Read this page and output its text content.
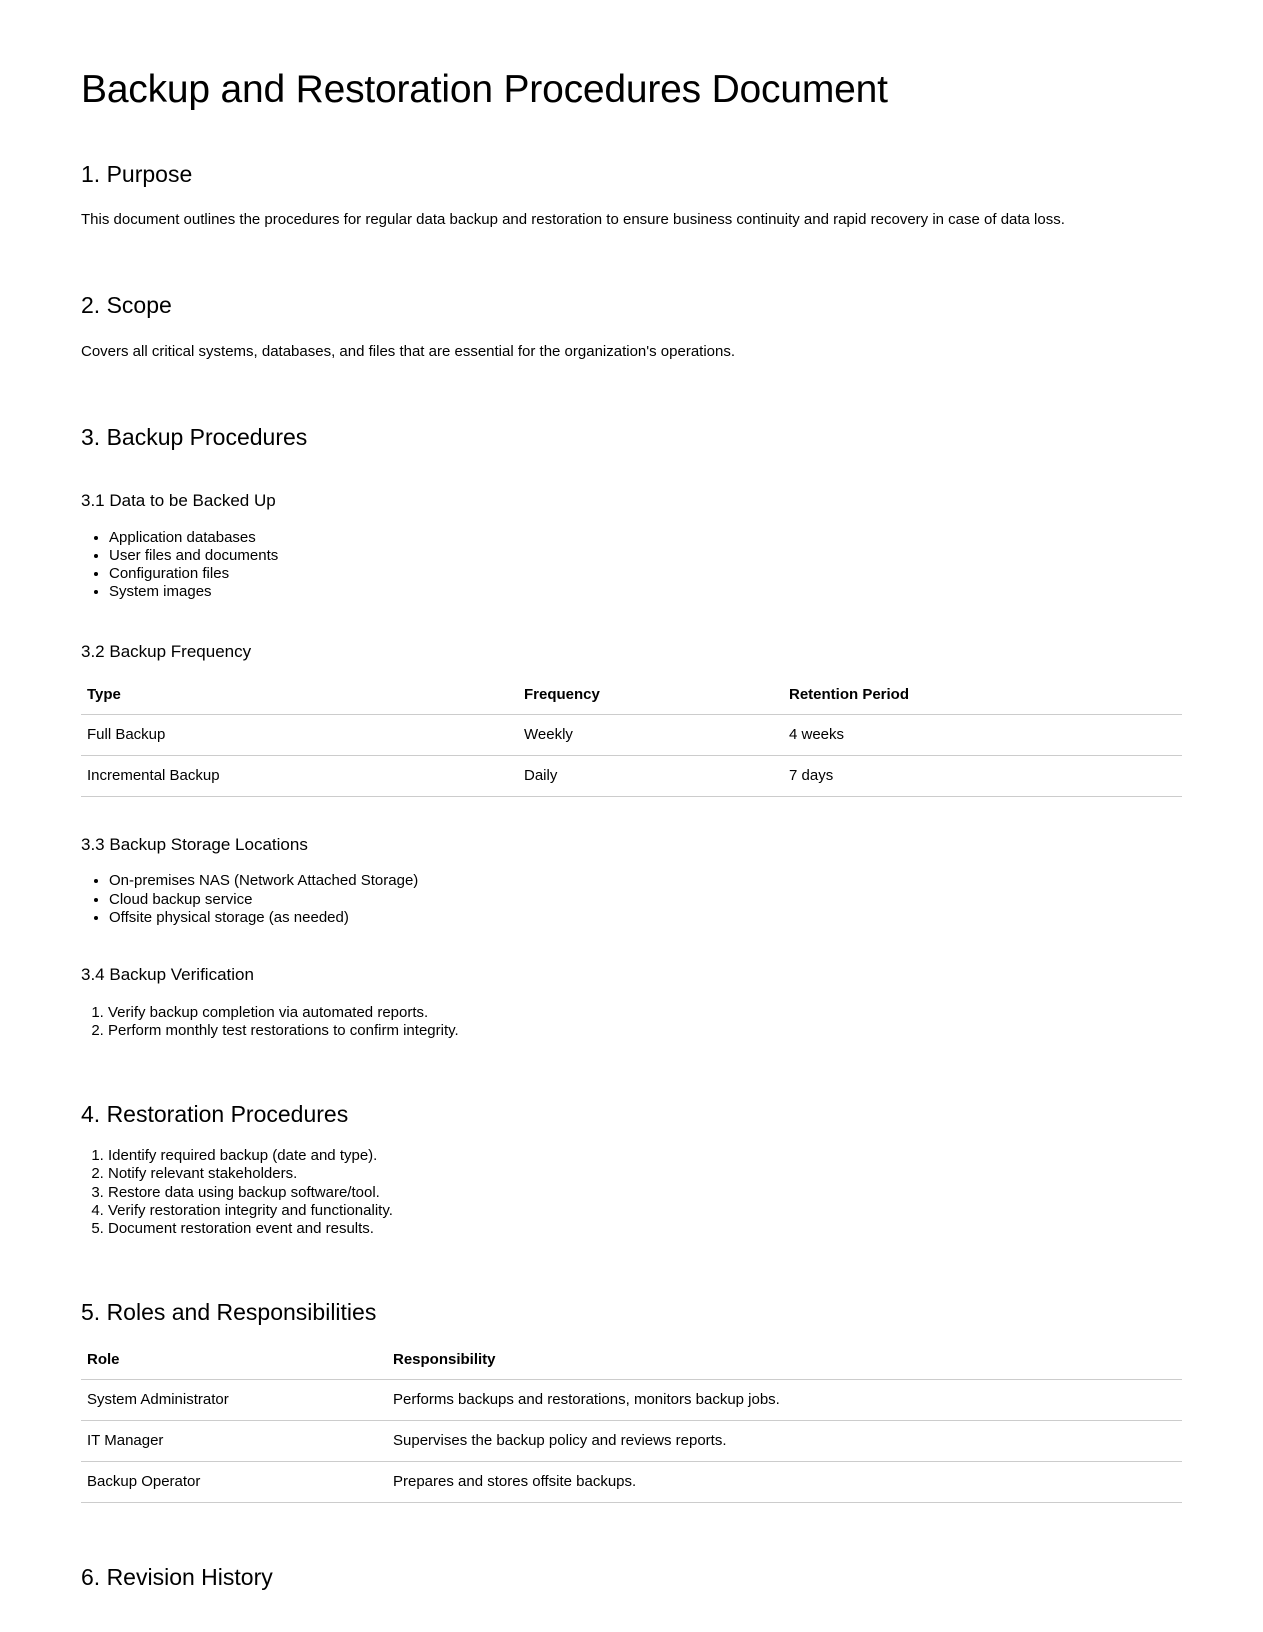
Backup and Restoration Procedures Document
1. Purpose

This document outlines the procedures for regular data backup and restoration to ensure business continuity and rapid recovery in case of data loss.

2. Scope

Covers all critical systems, databases, and files that are essential for the organization's operations.

3. Backup Procedures
3.1 Data to be Backed Up
• Application databases
• User files and documents
• Configuration files
• System images
3.2 Backup Frequency
Type	Frequency	Retention Period
Full Backup	Weekly	4 weeks
Incremental Backup	Daily	7 days
3.3 Backup Storage Locations
• On-premises NAS (Network Attached Storage)
• Cloud backup service
• Offsite physical storage (as needed)
3.4 Backup Verification
1. Verify backup completion via automated reports.
2. Perform monthly test restorations to confirm integrity.
4. Restoration Procedures
1. Identify required backup (date and type).
2. Notify relevant stakeholders.
3. Restore data using backup software/tool.
4. Verify restoration integrity and functionality.
5. Document restoration event and results.
5. Roles and Responsibilities
Role	Responsibility
System Administrator	Performs backups and restorations, monitors backup jobs.
IT Manager	Supervises the backup policy and reviews reports.
Backup Operator	Prepares and stores offsite backups.
6. Revision History
